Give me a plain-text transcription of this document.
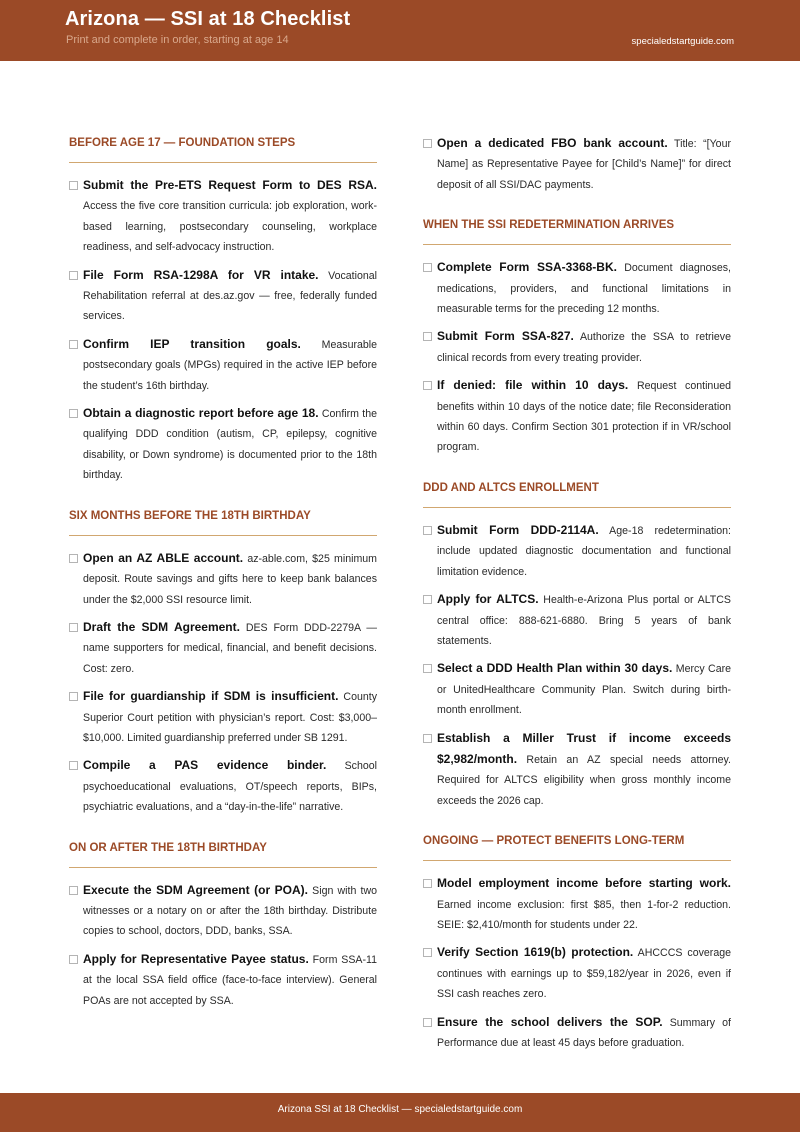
Arizona — SSI at 18 Checklist
Print and complete in order, starting at age 14	specialedstartguide.com
BEFORE AGE 17 — FOUNDATION STEPS
Submit the Pre-ETS Request Form to DES RSA. Access the five core transition curricula: job exploration, work-based learning, postsecondary counseling, workplace readiness, and self-advocacy instruction.
File Form RSA-1298A for VR intake. Vocational Rehabilitation referral at des.az.gov — free, federally funded services.
Confirm IEP transition goals. Measurable postsecondary goals (MPGs) required in the active IEP before the student’s 16th birthday.
Obtain a diagnostic report before age 18. Confirm the qualifying DDD condition (autism, CP, epilepsy, cognitive disability, or Down syndrome) is documented prior to the 18th birthday.
SIX MONTHS BEFORE THE 18TH BIRTHDAY
Open an AZ ABLE account. az-able.com, $25 minimum deposit. Route savings and gifts here to keep bank balances under the $2,000 SSI resource limit.
Draft the SDM Agreement. DES Form DDD-2279A — name supporters for medical, financial, and benefit decisions. Cost: zero.
File for guardianship if SDM is insufficient. County Superior Court petition with physician’s report. Cost: $3,000–$10,000. Limited guardianship preferred under SB 1291.
Compile a PAS evidence binder. School psychoeducational evaluations, OT/speech reports, BIPs, psychiatric evaluations, and a “day-in-the-life” narrative.
ON OR AFTER THE 18TH BIRTHDAY
Execute the SDM Agreement (or POA). Sign with two witnesses or a notary on or after the 18th birthday. Distribute copies to school, doctors, DDD, banks, SSA.
Apply for Representative Payee status. Form SSA-11 at the local SSA field office (face-to-face interview). General POAs are not accepted by SSA.
Open a dedicated FBO bank account. Title: “[Your Name] as Representative Payee for [Child’s Name]” for direct deposit of all SSI/DAC payments.
WHEN THE SSI REDETERMINATION ARRIVES
Complete Form SSA-3368-BK. Document diagnoses, medications, providers, and functional limitations in measurable terms for the preceding 12 months.
Submit Form SSA-827. Authorize the SSA to retrieve clinical records from every treating provider.
If denied: file within 10 days. Request continued benefits within 10 days of the notice date; file Reconsideration within 60 days. Confirm Section 301 protection if in VR/school program.
DDD AND ALTCS ENROLLMENT
Submit Form DDD-2114A. Age-18 redetermination: include updated diagnostic documentation and functional limitation evidence.
Apply for ALTCS. Health-e-Arizona Plus portal or ALTCS central office: 888-621-6880. Bring 5 years of bank statements.
Select a DDD Health Plan within 30 days. Mercy Care or UnitedHealthcare Community Plan. Switch during birth-month enrollment.
Establish a Miller Trust if income exceeds $2,982/month. Retain an AZ special needs attorney. Required for ALTCS eligibility when gross monthly income exceeds the 2026 cap.
ONGOING — PROTECT BENEFITS LONG-TERM
Model employment income before starting work. Earned income exclusion: first $85, then 1-for-2 reduction. SEIE: $2,410/month for students under 22.
Verify Section 1619(b) protection. AHCCCS coverage continues with earnings up to $59,182/year in 2026, even if SSI cash reaches zero.
Ensure the school delivers the SOP. Summary of Performance due at least 45 days before graduation.
Arizona SSI at 18 Checklist — specialedstartguide.com
